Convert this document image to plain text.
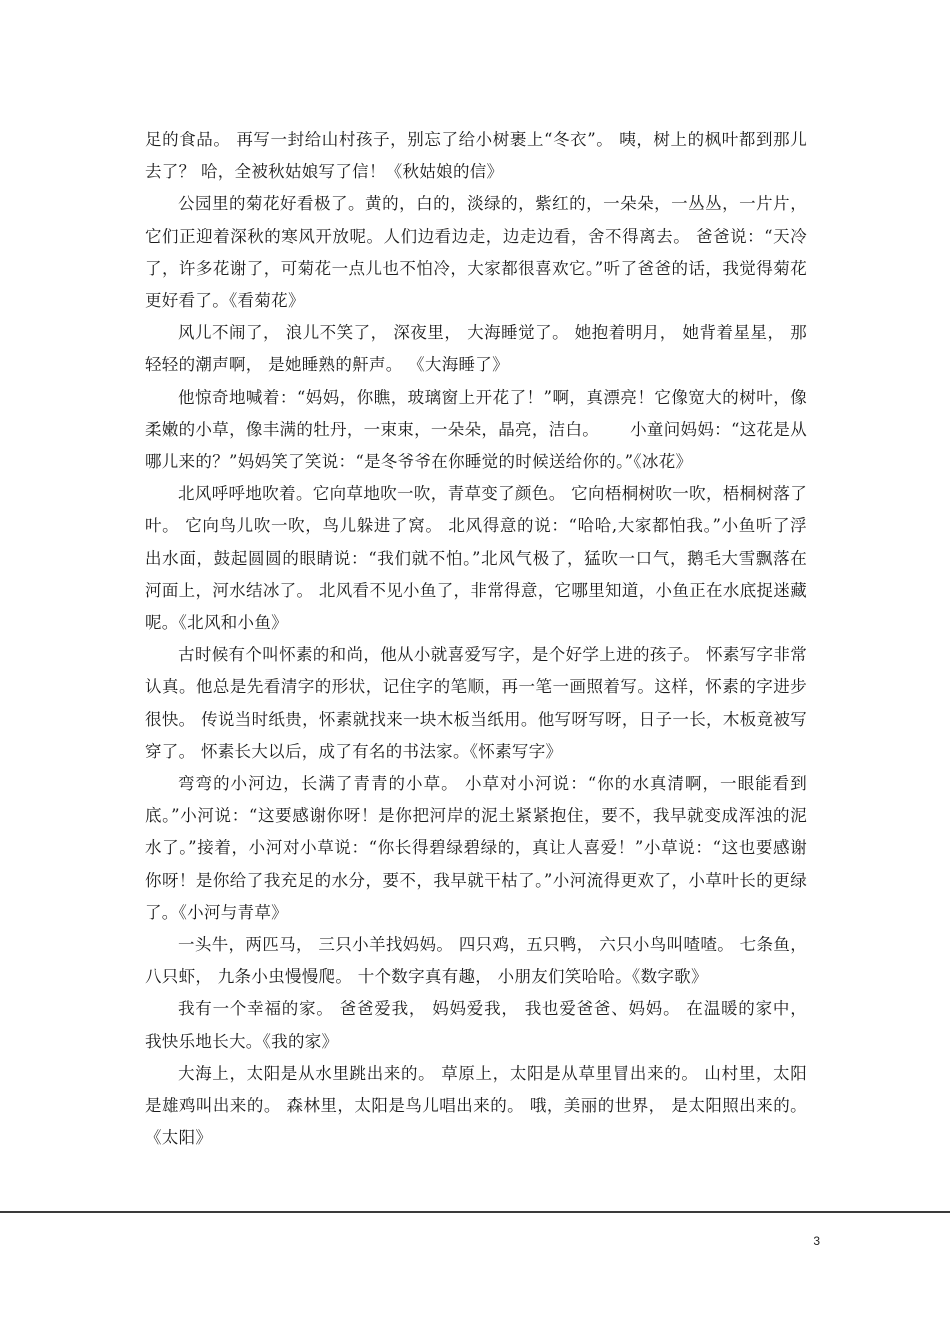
足的食品。 再写一封给山村孩子，别忘了给小树裹上“冬衣”。 咦，树上的枫叶都到那儿去了？ 哈，全被秋姑娘写了信！《秋姑娘的信》

公园里的菊花好看极了。黄的，白的，淡绿的，紫红的，一朵朵，一丛丛，一片片，它们正迎着深秋的寒风开放呢。人们边看边走，边走边看，舍不得离去。 爸爸说：“天冷了，许多花谢了，可菊花一点儿也不怕冷，大家都很喜欢它。”听了爸爸的话，我觉得菊花更好看了。《看菊花》

风儿不闹了， 浪儿不笑了， 深夜里， 大海睡觉了。 她抱着明月， 她背着星星， 那轻轻的潮声啊， 是她睡熟的鼾声。 《大海睡了》

他惊奇地喊着：“妈妈，你瞧，玻璃窗上开花了！”啊，真漂亮！它像宽大的树叶，像柔嫩的小草，像丰满的牡丹，一束束，一朵朵，晶亮，洁白。　　 小童问妈妈：“这花是从哪儿来的？”妈妈笑了笑说：“是冬爷爷在你睡觉的时候送给你的。”《冰花》

北风呼呼地吹着。它向草地吹一吹，青草变了颜色。 它向梧桐树吹一吹，梧桐树落了叶。 它向鸟儿吹一吹，鸟儿躲进了窝。 北风得意的说：“哈哈,大家都怕我。”小鱼听了浮出水面，鼓起圆圆的眼睛说：“我们就不怕。”北风气极了，猛吹一口气，鹅毛大雪飘落在河面上，河水结冰了。 北风看不见小鱼了，非常得意，它哪里知道，小鱼正在水底捉迷藏呢。《北风和小鱼》

古时候有个叫怀素的和尚，他从小就喜爱写字，是个好学上进的孩子。 怀素写字非常认真。他总是先看清字的形状，记住字的笔顺，再一笔一画照着写。这样，怀素的字进步很快。 传说当时纸贵，怀素就找来一块木板当纸用。他写呀写呀，日子一长，木板竟被写穿了。 怀素长大以后，成了有名的书法家。《怀素写字》

弯弯的小河边，长满了青青的小草。 小草对小河说：“你的水真清啊，一眼能看到底。”小河说：“这要感谢你呀！是你把河岸的泥土紧紧抱住，要不，我早就变成浑浊的泥水了。”接着，小河对小草说：“你长得碧绿碧绿的，真让人喜爱！”小草说：“这也要感谢你呀！是你给了我充足的水分，要不，我早就干枯了。”小河流得更欢了，小草叶长的更绿了。《小河与青草》

一头牛，两匹马， 三只小羊找妈妈。 四只鸡，五只鸭， 六只小鸟叫喳喳。 七条鱼，八只虾， 九条小虫慢慢爬。 十个数字真有趣， 小朋友们笑哈哈。《数字歌》

我有一个幸福的家。 爸爸爱我， 妈妈爱我， 我也爱爸爸、妈妈。 在温暖的家中， 我快乐地长大。《我的家》

大海上，太阳是从水里跳出来的。 草原上，太阳是从草里冒出来的。 山村里，太阳是雄鸡叫出来的。 森林里，太阳是鸟儿唱出来的。 哦，美丽的世界， 是太阳照出来的。《太阳》

3
